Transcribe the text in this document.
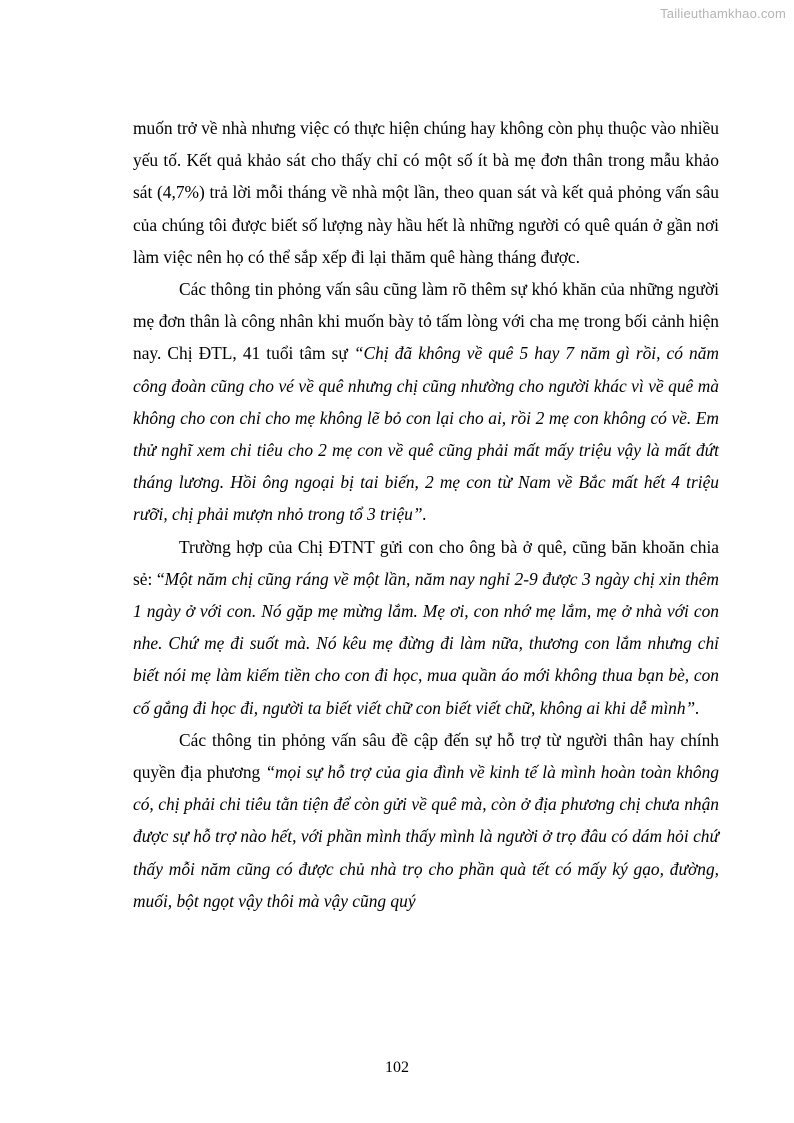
Tailieuthamkhao.com

muốn trở về nhà nhưng việc có thực hiện chúng hay không còn phụ thuộc vào nhiều yếu tố. Kết quả khảo sát cho thấy chỉ có một số ít bà mẹ đơn thân trong mẫu khảo sát (4,7%) trả lời mỗi tháng về nhà một lần, theo quan sát và kết quả phỏng vấn sâu của chúng tôi được biết số lượng này hầu hết là những người có quê quán ở gần nơi làm việc nên họ có thể sắp xếp đi lại thăm quê hàng tháng được.

Các thông tin phỏng vấn sâu cũng làm rõ thêm sự khó khăn của những người mẹ đơn thân là công nhân khi muốn bày tỏ tấm lòng với cha mẹ trong bối cảnh hiện nay. Chị ĐTL, 41 tuổi tâm sự “Chị đã không về quê 5 hay 7 năm gì rồi, có năm công đoàn cũng cho vé về quê nhưng chị cũng nhường cho người khác vì về quê mà không cho con chỉ cho mẹ không lẽ bỏ con lại cho ai, rồi 2 mẹ con không có về. Em thử nghĩ xem chi tiêu cho 2 mẹ con về quê cũng phải mất mấy triệu vậy là mất đứt tháng lương. Hồi ông ngoại bị tai biến, 2 mẹ con từ Nam về Bắc mất hết 4 triệu rưỡi, chị phải mượn nhỏ trong tổ 3 triệu”.

Trường hợp của Chị ĐTNT gửi con cho ông bà ở quê, cũng băn khoăn chia sẻ: “Một năm chị cũng ráng về một lần, năm nay nghỉ 2-9 được 3 ngày chị xin thêm 1 ngày ở với con. Nó gặp mẹ mừng lắm. Mẹ ơi, con nhớ mẹ lắm, mẹ ở nhà với con nhe. Chứ mẹ đi suốt mà. Nó kêu mẹ đừng đi làm nữa, thương con lắm nhưng chỉ biết nói mẹ làm kiếm tiền cho con đi học, mua quần áo mới không thua bạn bè, con cố gắng đi học đi, người ta biết viết chữ con biết viết chữ, không ai khi dễ mình”.

Các thông tin phỏng vấn sâu đề cập đến sự hỗ trợ từ người thân hay chính quyền địa phương “mọi sự hỗ trợ của gia đình về kinh tế là mình hoàn toàn không có, chị phải chi tiêu tằn tiện để còn gửi về quê mà, còn ở địa phương chị chưa nhận được sự hỗ trợ nào hết, với phần mình thấy mình là người ở trọ đâu có dám hỏi chứ thấy mỗi năm cũng có được chủ nhà trọ cho phần quà tết có mấy ký gạo, đường, muối, bột ngọt vậy thôi mà vậy cũng quý

102
